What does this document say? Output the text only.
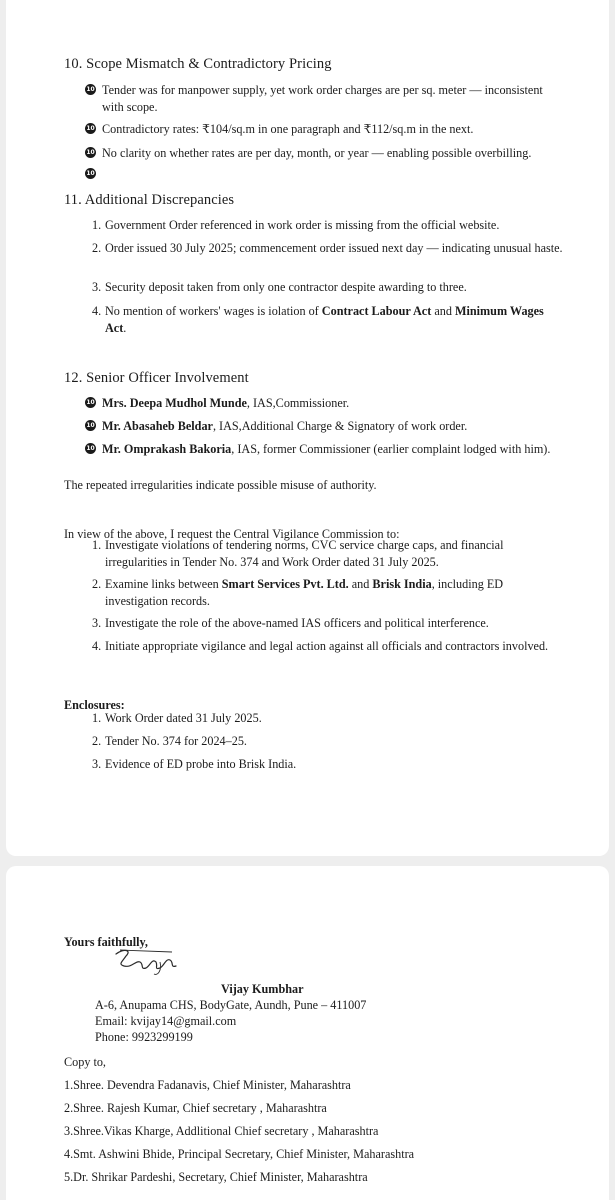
10. Scope Mismatch & Contradictory Pricing

10 Tender was for manpower supply, yet work order charges are per sq. meter — inconsistent with scope.
10 Contradictory rates: ₹104/sq.m in one paragraph and ₹112/sq.m in the next.
10 No clarity on whether rates are per day, month, or year — enabling possible overbilling.
10

11. Additional Discrepancies

1. Government Order referenced in work order is missing from the official website.
2. Order issued 30 July 2025; commencement order issued next day — indicating unusual haste.
3. Security deposit taken from only one contractor despite awarding to three.
4. No mention of workers' wages is iolation of Contract Labour Act and Minimum Wages Act.

12. Senior Officer Involvement

10 Mrs. Deepa Mudhol Munde, IAS,Commissioner.
10 Mr. Abasaheb Beldar, IAS,Additional Charge & Signatory of work order.
10 Mr. Omprakash Bakoria, IAS, former Commissioner (earlier complaint lodged with him).

The repeated irregularities indicate possible misuse of authority.

In view of the above, I request the Central Vigilance Commission to:

1. Investigate violations of tendering norms, CVC service charge caps, and financial irregularities in Tender No. 374 and Work Order dated 31 July 2025.
2. Examine links between Smart Services Pvt. Ltd. and Brisk India, including ED investigation records.
3. Investigate the role of the above-named IAS officers and political interference.
4. Initiate appropriate vigilance and legal action against all officials and contractors involved.

Enclosures:

1. Work Order dated 31 July 2025.
2. Tender No. 374 for 2024–25.
3. Evidence of ED probe into Brisk India.

Yours faithfully,

Vijay Kumbhar

A-6, Anupama CHS, BodyGate, Aundh, Pune – 411007

Email: kvijay14@gmail.com

Phone: 9923299199

Copy to,

1.Shree. Devendra Fadanavis, Chief Minister, Maharashtra

2.Shree. Rajesh Kumar, Chief secretary , Maharashtra

3.Shree.Vikas Kharge, Addlitional Chief secretary , Maharashtra

4.Smt. Ashwini Bhide, Principal Secretary, Chief Minister, Maharashtra

5.Dr. Shrikar Pardeshi, Secretary, Chief Minister, Maharashtra
